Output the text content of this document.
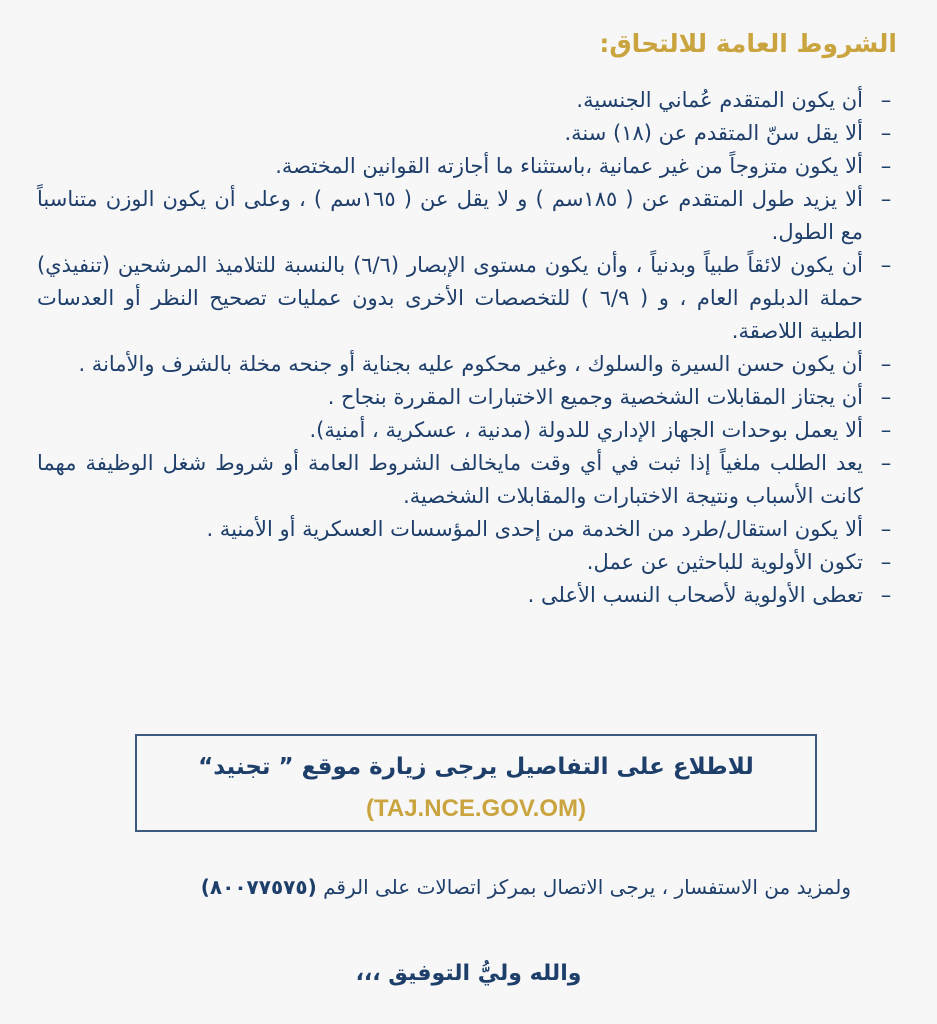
الشروط العامة للالتحاق:
–
أن يكون المتقدم عُماني الجنسية.
–
ألا يقل سنّ المتقدم عن (١٨) سنة.
–
ألا يكون متزوجاً من غير عمانية ،باستثناء ما أجازته القوانين المختصة.
–
ألا يزيد طول المتقدم عن ( ١٨٥سم ) و لا يقل عن ( ١٦٥سم ) ، وعلى أن يكون الوزن متناسباً مع الطول.
–
أن يكون لائقاً طبياً وبدنياً ، وأن يكون مستوى الإبصار (٦/٦) بالنسبة للتلاميذ المرشحين (تنفيذي) حملة الدبلوم العام ، و ( ٦/٩ ) للتخصصات الأخرى بدون عمليات تصحيح النظر أو العدسات الطبية اللاصقة.
–
أن يكون حسن السيرة والسلوك ، وغير محكوم عليه بجناية أو جنحه مخلة بالشرف والأمانة .
–
أن يجتاز المقابلات الشخصية وجميع الاختبارات المقررة بنجاح .
–
ألا يعمل بوحدات الجهاز الإداري للدولة (مدنية ، عسكرية ، أمنية).
–
يعد الطلب ملغياً إذا ثبت في أي وقت مايخالف الشروط العامة أو شروط شغل الوظيفة مهما كانت الأسباب ونتيجة الاختبارات والمقابلات الشخصية.
–
ألا يكون استقال/طرد من الخدمة من إحدى المؤسسات العسكرية أو الأمنية .
–
تكون الأولوية للباحثين عن عمل.
–
تعطى الأولوية لأصحاب النسب الأعلى .
للاطلاع على التفاصيل يرجى زيارة موقع ” تجنيد“
(TAJ.NCE.GOV.OM)
ولمزيد من الاستفسار ، يرجى الاتصال بمركز اتصالات على الرقم (٨٠٠٧٧٥٧٥)
والله وليُّ التوفيق ،،،
